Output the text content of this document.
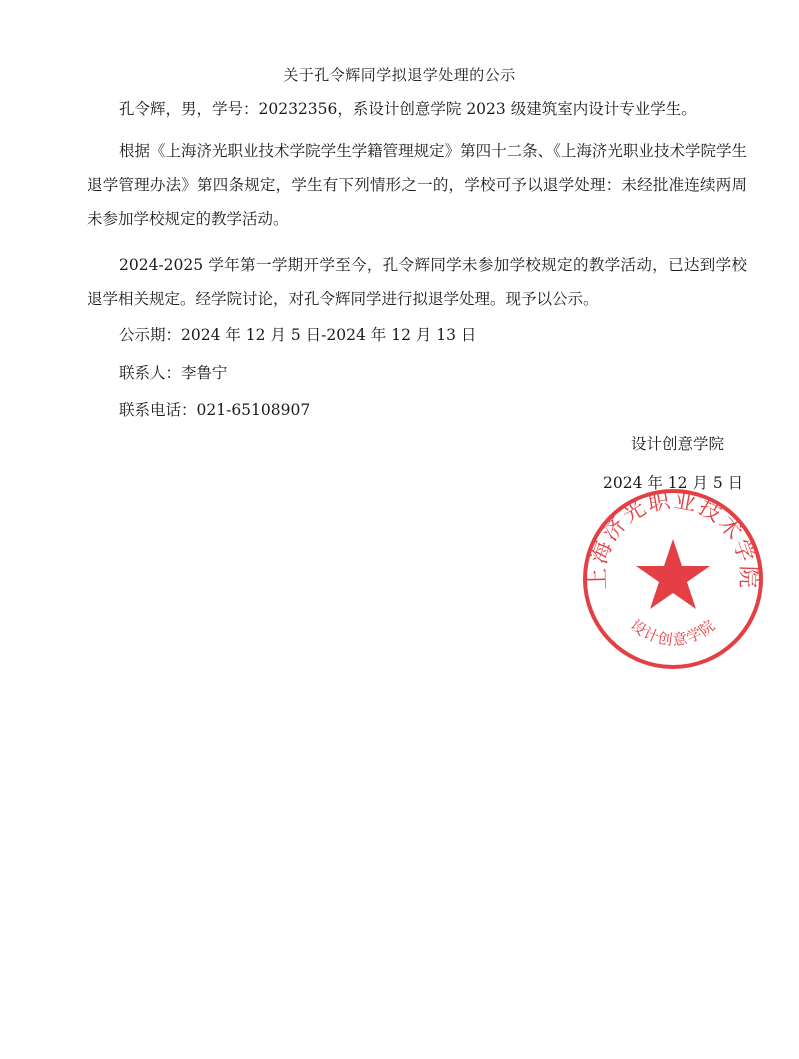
关于孔令辉同学拟退学处理的公示

孔令辉，男，学号：20232356，系设计创意学院 2023 级建筑室内设计专业学生。

根据《上海济光职业技术学院学生学籍管理规定》第四十二条、《上海济光职业技术学院学生退学管理办法》第四条规定，学生有下列情形之一的，学校可予以退学处理：未经批准连续两周未参加学校规定的教学活动。

2024-2025 学年第一学期开学至今，孔令辉同学未参加学校规定的教学活动，已达到学校退学相关规定。经学院讨论，对孔令辉同学进行拟退学处理。现予以公示。

公示期：2024 年 12 月 5 日-2024 年 12 月 13 日

联系人：李鲁宁

联系电话：021-65108907

设计创意学院
2024 年 12 月 5 日
上海济光职业技术学院
设计创意学院
